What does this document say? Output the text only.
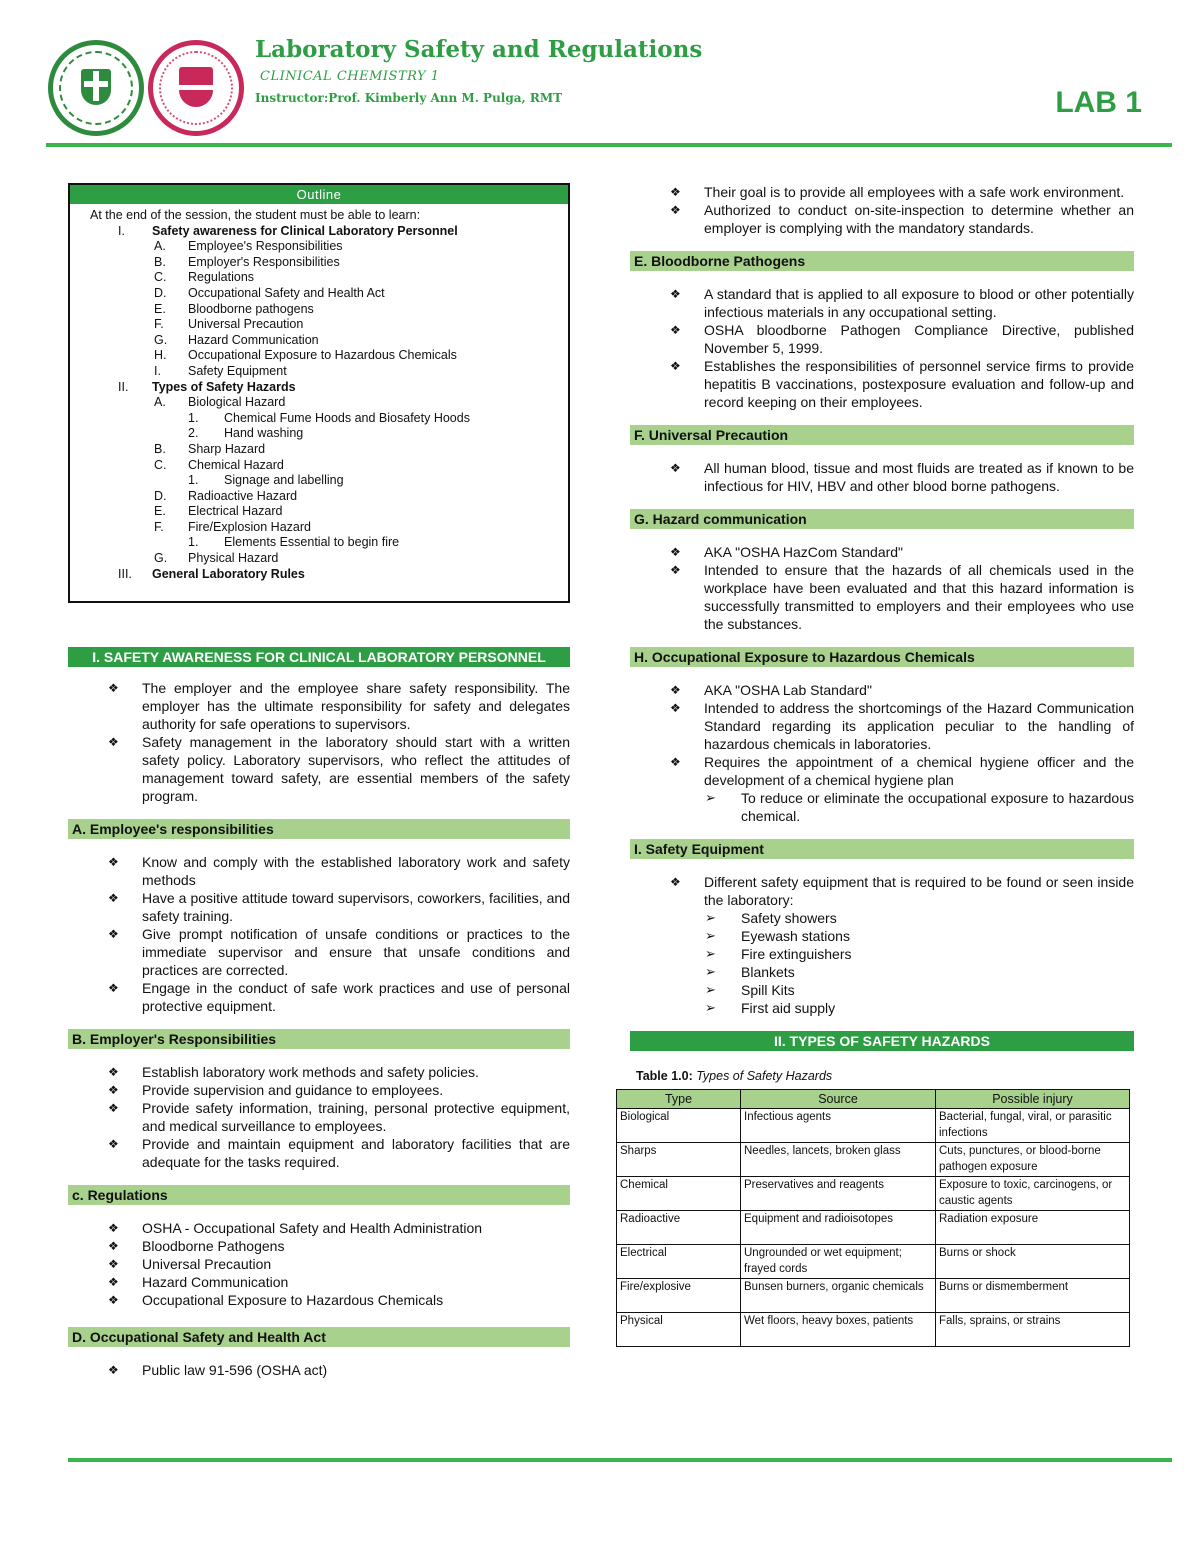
Laboratory Safety and Regulations
CLINICAL CHEMISTRY 1
Instructor:Prof. Kimberly Ann M. Pulga, RMT	LAB 1
Outline
At the end of the session, the student must be able to learn:
I. Safety awareness for Clinical Laboratory Personnel
A. Employee's Responsibilities
B. Employer's Responsibilities
C. Regulations
D. Occupational Safety and Health Act
E. Bloodborne pathogens
F. Universal Precaution
G. Hazard Communication
H. Occupational Exposure to Hazardous Chemicals
I. Safety Equipment
II. Types of Safety Hazards
A. Biological Hazard
1. Chemical Fume Hoods and Biosafety Hoods
2. Hand washing
B. Sharp Hazard
C. Chemical Hazard
1. Signage and labelling
D. Radioactive Hazard
E. Electrical Hazard
F. Fire/Explosion Hazard
1. Elements Essential to begin fire
G. Physical Hazard
III. General Laboratory Rules
I. SAFETY AWARENESS FOR CLINICAL LABORATORY PERSONNEL
❖ The employer and the employee share safety responsibility. The employer has the ultimate responsibility for safety and delegates authority for safe operations to supervisors.
❖ Safety management in the laboratory should start with a written safety policy. Laboratory supervisors, who reflect the attitudes of management toward safety, are essential members of the safety program.
A. Employee's responsibilities
❖ Know and comply with the established laboratory work and safety methods
❖ Have a positive attitude toward supervisors, coworkers, facilities, and safety training.
❖ Give prompt notification of unsafe conditions or practices to the immediate supervisor and ensure that unsafe conditions and practices are corrected.
❖ Engage in the conduct of safe work practices and use of personal protective equipment.
B. Employer's Responsibilities
❖ Establish laboratory work methods and safety policies.
❖ Provide supervision and guidance to employees.
❖ Provide safety information, training, personal protective equipment, and medical surveillance to employees.
❖ Provide and maintain equipment and laboratory facilities that are adequate for the tasks required.
c. Regulations
❖ OSHA - Occupational Safety and Health Administration
❖ Bloodborne Pathogens
❖ Universal Precaution
❖ Hazard Communication
❖ Occupational Exposure to Hazardous Chemicals
D. Occupational Safety and Health Act
❖ Public law 91-596 (OSHA act)
❖ Their goal is to provide all employees with a safe work environment.
❖ Authorized to conduct on-site-inspection to determine whether an employer is complying with the mandatory standards.
E. Bloodborne Pathogens
❖ A standard that is applied to all exposure to blood or other potentially infectious materials in any occupational setting.
❖ OSHA bloodborne Pathogen Compliance Directive, published November 5, 1999.
❖ Establishes the responsibilities of personnel service firms to provide hepatitis B vaccinations, postexposure evaluation and follow-up and record keeping on their employees.
F. Universal Precaution
❖ All human blood, tissue and most fluids are treated as if known to be infectious for HIV, HBV and other blood borne pathogens.
G. Hazard communication
❖ AKA "OSHA HazCom Standard"
❖ Intended to ensure that the hazards of all chemicals used in the workplace have been evaluated and that this hazard information is successfully transmitted to employers and their employees who use the substances.
H. Occupational Exposure to Hazardous Chemicals
❖ AKA "OSHA Lab Standard"
❖ Intended to address the shortcomings of the Hazard Communication Standard regarding its application peculiar to the handling of hazardous chemicals in laboratories.
❖ Requires the appointment of a chemical hygiene officer and the development of a chemical hygiene plan
➢ To reduce or eliminate the occupational exposure to hazardous chemical.
I. Safety Equipment
❖ Different safety equipment that is required to be found or seen inside the laboratory:
➢ Safety showers
➢ Eyewash stations
➢ Fire extinguishers
➢ Blankets
➢ Spill Kits
➢ First aid supply
II. TYPES OF SAFETY HAZARDS
Table 1.0: Types of Safety Hazards
Type	Source	Possible injury
Biological	Infectious agents	Bacterial, fungal, viral, or parasitic infections
Sharps	Needles, lancets, broken glass	Cuts, punctures, or blood-borne pathogen exposure
Chemical	Preservatives and reagents	Exposure to toxic, carcinogens, or caustic agents
Radioactive	Equipment and radioisotopes	Radiation exposure
Electrical	Ungrounded or wet equipment; frayed cords	Burns or shock
Fire/explosive	Bunsen burners, organic chemicals	Burns or dismemberment
Physical	Wet floors, heavy boxes, patients	Falls, sprains, or strains
